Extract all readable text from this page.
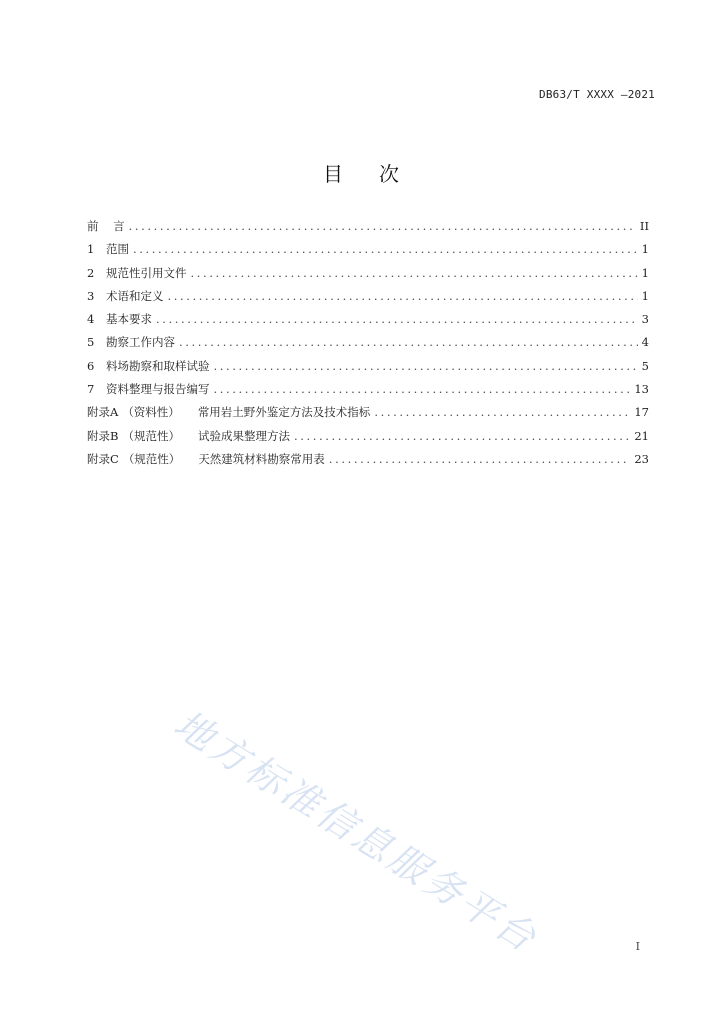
DB63/T XXXX —2021
目 次
前    言 .....	II
1	范围 .....	1
2	规范性引用文件 .....	1
3	术语和定义 .....	1
4	基本要求 .....	3
5	勘察工作内容 .....	4
6	料场勘察和取样试验 .....	5
7	资料整理与报告编写 .....	13
附录A （资料性） 常用岩土野外鉴定方法及技术指标 .....	17
附录B （规范性） 试验成果整理方法 .....	21
附录C （规范性） 天然建筑材料勘察常用表 .....	23
地方标准信息服务平台	I
